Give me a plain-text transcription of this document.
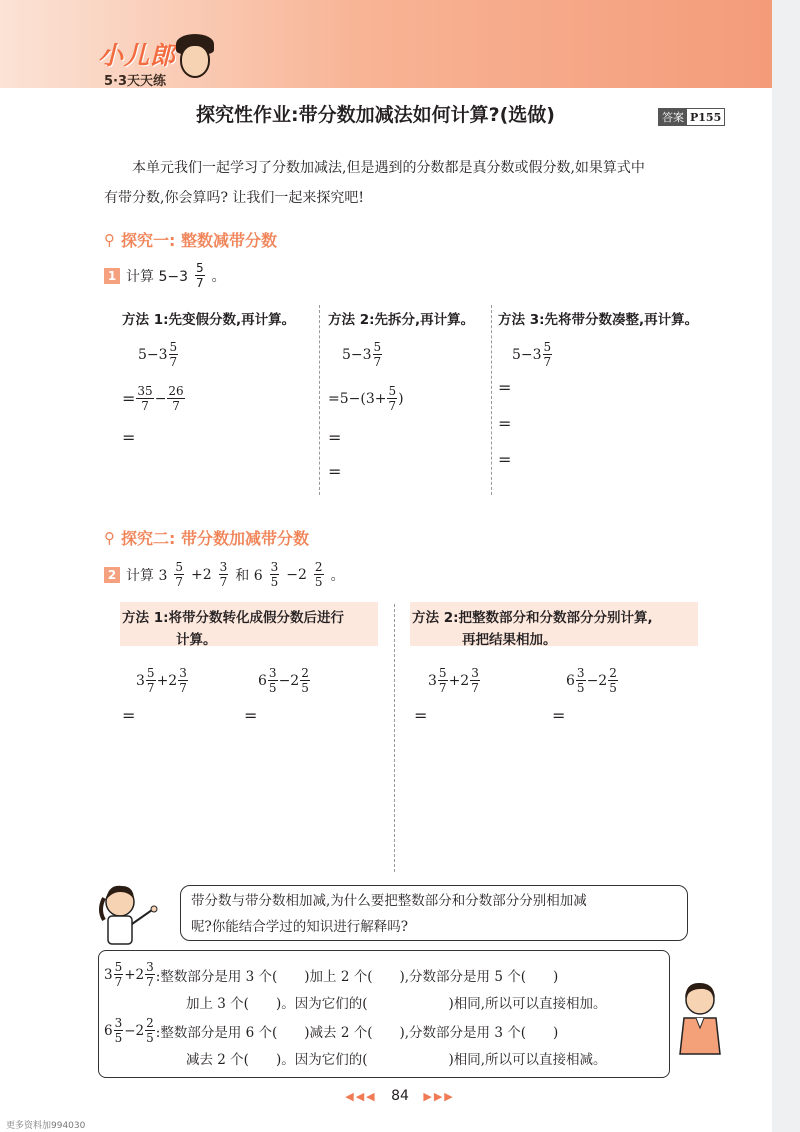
小儿郎
5·3天天练
探究性作业:带分数加减法如何计算?(选做)	答案 P155
本单元我们一起学习了分数加减法,但是遇到的分数都是真分数或假分数,如果算式中
有带分数,你会算吗? 让我们一起来探究吧!
⚲ 探究一: 整数减带分数
1 计算 $5-3 \frac{5}{7}$ 。
方法 1:先变假分数,再计算。
$5-3 \frac{5}{7}$
= $\frac{35}{7} - \frac{26}{7}$
=
方法 2:先拆分,再计算。
$5-3 \frac{5}{7}$
$=5-(3+ \frac{5}{7}$ )
=
=
方法 3:先将带分数凑整,再计算。
$5-3 \frac{5}{7}$
=
=
=
⚲ 探究二: 带分数加减带分数
2 计算 $3 \frac{5}{7} +2 \frac{3}{7}$ 和 $6 \frac{3}{5} -2 \frac{2}{5}$ 。
方法 1:将带分数转化成假分数后进行
计算。
$3 \frac{5}{7} +2 \frac{3}{7}$	$6 \frac{3}{5} -2 \frac{2}{5}$
=	=
方法 2:把整数部分和分数部分分别计算,
再把结果相加。
$3 \frac{5}{7} +2 \frac{3}{7}$	$6 \frac{3}{5} -2 \frac{2}{5}$
=	=
带分数与带分数相加减,为什么要把整数部分和分数部分分别相加减
呢?你能结合学过的知识进行解释吗?
$3 \frac{5}{7} +2 \frac{3}{7}$ :整数部分是用 3 个(　　)加上 2 个(　　),分数部分是用 5 个(　　)
加上 3 个(　　)。因为它们的(　　　　　　)相同,所以可以直接相加。
$6 \frac{3}{5} -2 \frac{2}{5}$ :整数部分是用 6 个(　　)减去 2 个(　　),分数部分是用 3 个(　　)
减去 2 个(　　)。因为它们的(　　　　　　)相同,所以可以直接相减。
◀◀◀ 84 ▶▶▶
更多资料加994030
